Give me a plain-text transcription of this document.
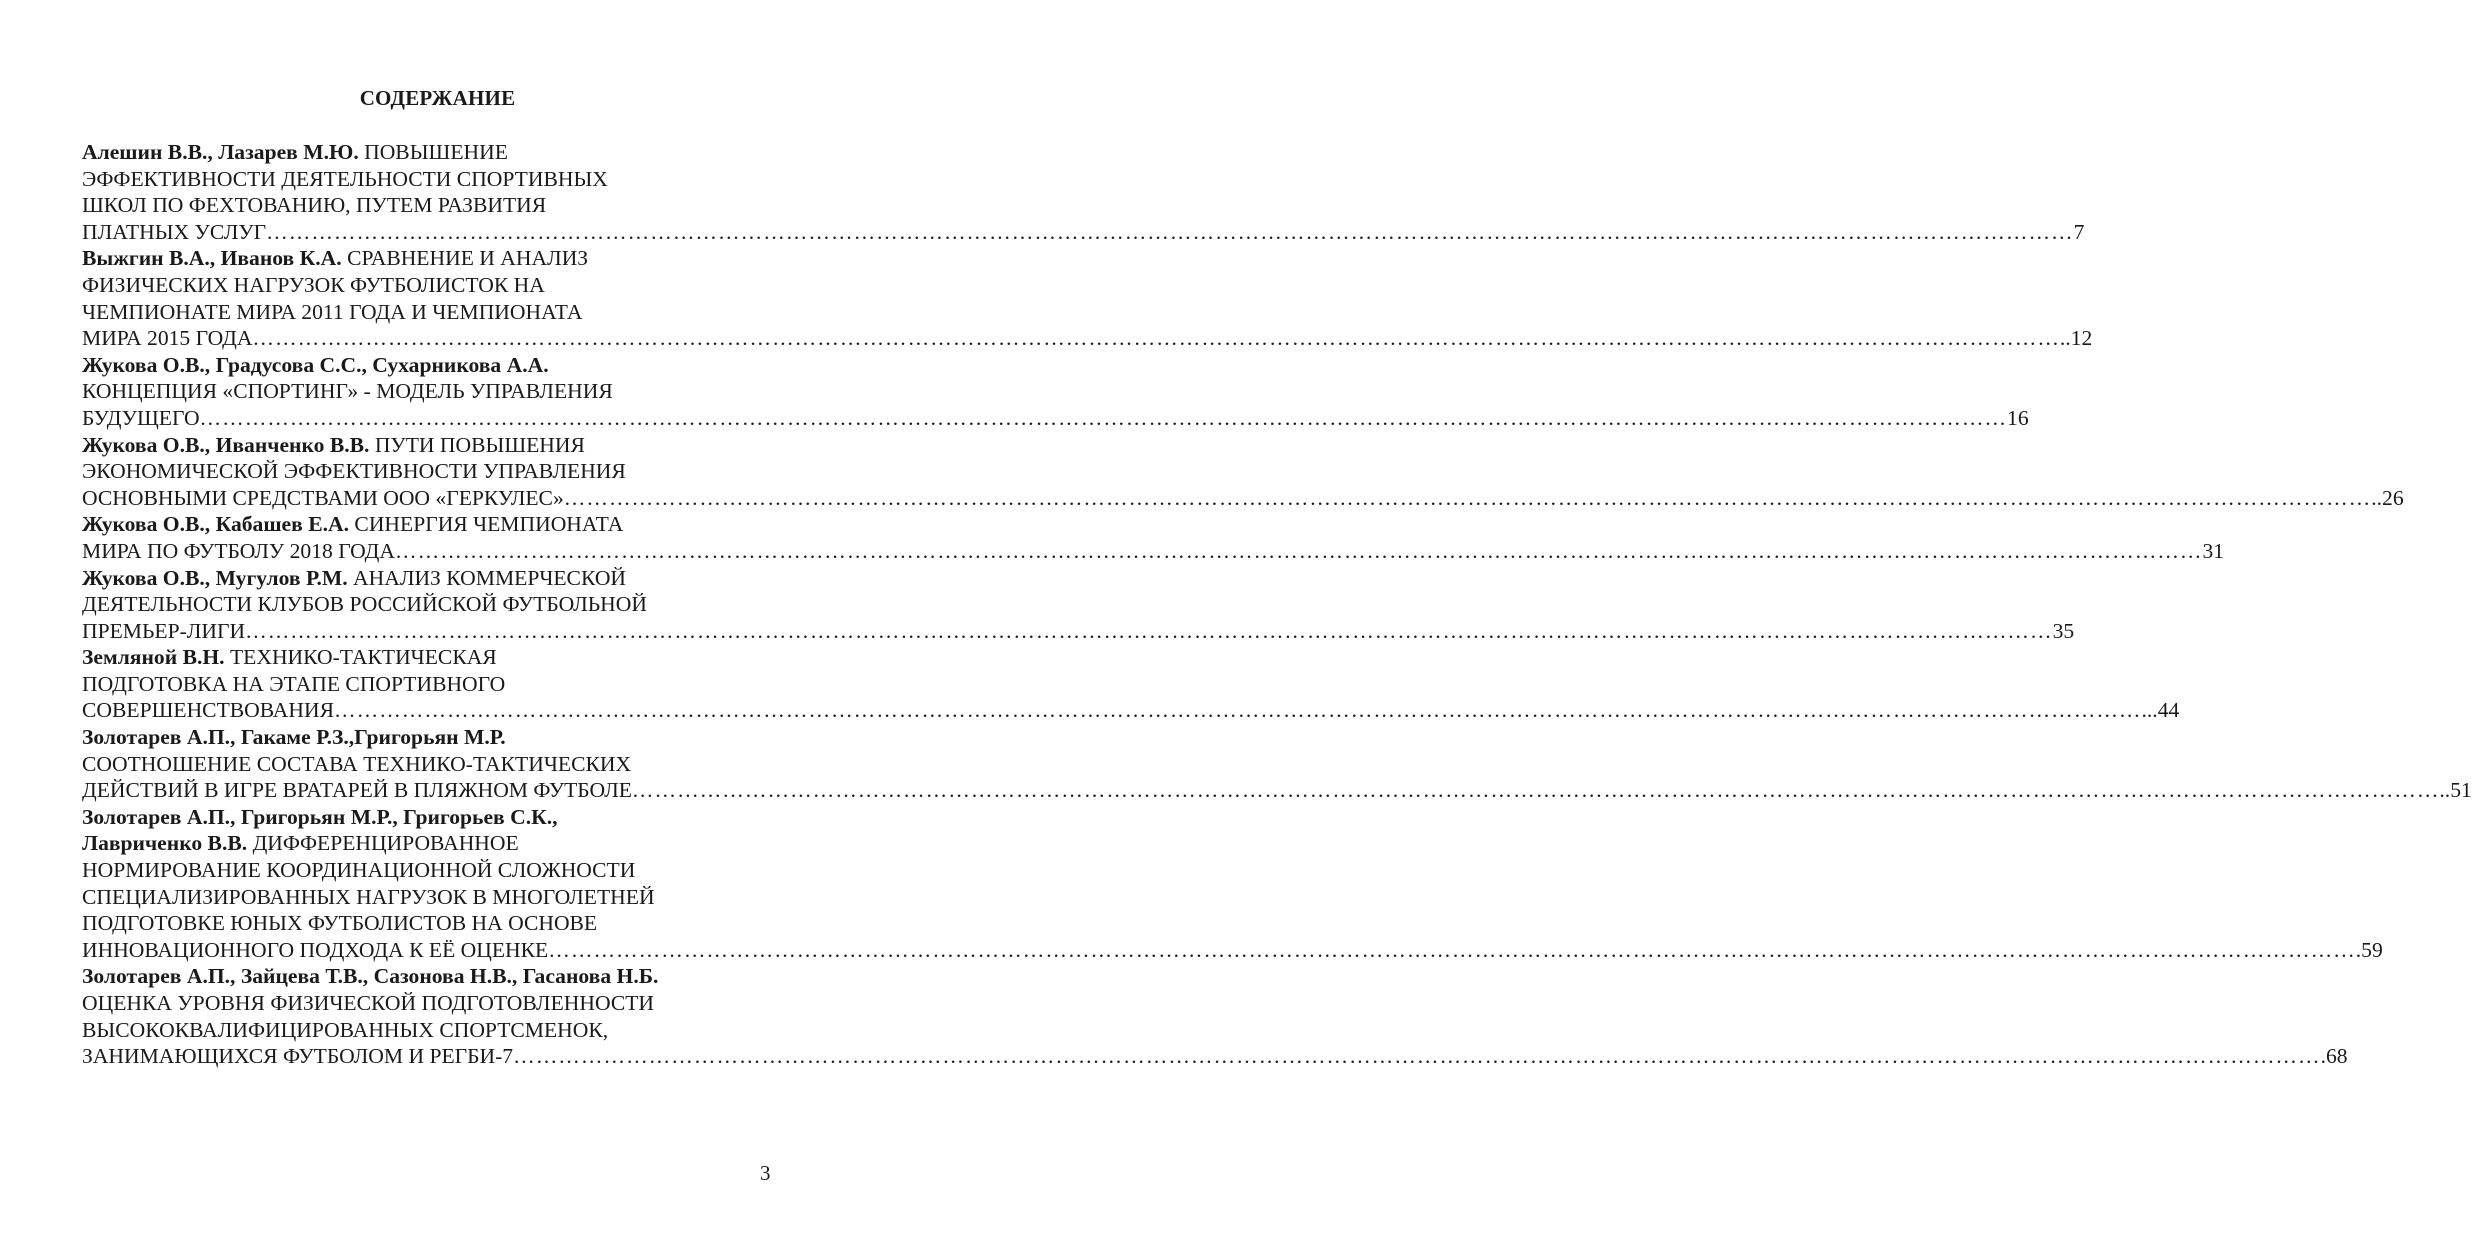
СОДЕРЖАНИЕ
Алешин В.В., Лазарев М.Ю. ПОВЫШЕНИЕ
ЭФФЕКТИВНОСТИ ДЕЯТЕЛЬНОСТИ СПОРТИВНЫХ
ШКОЛ ПО ФЕХТОВАНИЮ, ПУТЕМ РАЗВИТИЯ
ПЛАТНЫХ УСЛУГ …………………………………………………………………………………………………………………………………………………………………………………………………………………… 7
Выжгин В.А., Иванов К.А. СРАВНЕНИЕ И АНАЛИЗ
ФИЗИЧЕСКИХ НАГРУЗОК ФУТБОЛИСТОК НА
ЧЕМПИОНАТЕ МИРА 2011 ГОДА И ЧЕМПИОНАТА
МИРА 2015 ГОДА …………………………………………………………………………………………………………………………………………………………………………………………………………………… ..12
Жукова О.В., Градусова С.С., Сухарникова А.А.
КОНЦЕПЦИЯ «СПОРТИНГ» - МОДЕЛЬ УПРАВЛЕНИЯ
БУДУЩЕГО …………………………………………………………………………………………………………………………………………………………………………………………………………………… 16
Жукова О.В., Иванченко В.В. ПУТИ ПОВЫШЕНИЯ
ЭКОНОМИЧЕСКОЙ ЭФФЕКТИВНОСТИ УПРАВЛЕНИЯ
ОСНОВНЫМИ СРЕДСТВАМИ ООО «ГЕРКУЛЕС» …………………………………………………………………………………………………………………………………………………………………………………………………………………… ..26
Жукова О.В., Кабашев Е.А. СИНЕРГИЯ ЧЕМПИОНАТА
МИРА ПО ФУТБОЛУ 2018 ГОДА …………………………………………………………………………………………………………………………………………………………………………………………………………………… 31
Жукова О.В., Мугулов Р.М. АНАЛИЗ КОММЕРЧЕСКОЙ
ДЕЯТЕЛЬНОСТИ КЛУБОВ РОССИЙСКОЙ ФУТБОЛЬНОЙ
ПРЕМЬЕР-ЛИГИ …………………………………………………………………………………………………………………………………………………………………………………………………………………… 35
Земляной В.Н. ТЕХНИКО-ТАКТИЧЕСКАЯ
ПОДГОТОВКА НА ЭТАПЕ СПОРТИВНОГО
СОВЕРШЕНСТВОВАНИЯ …………………………………………………………………………………………………………………………………………………………………………………………………………………… ...44
Золотарев А.П., Гакаме Р.З.,Григорьян М.Р.
СООТНОШЕНИЕ СОСТАВА ТЕХНИКО-ТАКТИЧЕСКИХ
ДЕЙСТВИЙ В ИГРЕ ВРАТАРЕЙ В ПЛЯЖНОМ ФУТБОЛЕ …………………………………………………………………………………………………………………………………………………………………………………………………………………… ..51
Золотарев А.П., Григорьян М.Р., Григорьев С.К.,
Лавриченко В.В. ДИФФЕРЕНЦИРОВАННОЕ
НОРМИРОВАНИЕ КООРДИНАЦИОННОЙ СЛОЖНОСТИ
СПЕЦИАЛИЗИРОВАННЫХ НАГРУЗОК В МНОГОЛЕТНЕЙ
ПОДГОТОВКЕ ЮНЫХ ФУТБОЛИСТОВ НА ОСНОВЕ
ИННОВАЦИОННОГО ПОДХОДА К ЕЁ ОЦЕНКЕ …………………………………………………………………………………………………………………………………………………………………………………………………………………… .59
Золотарев А.П., Зайцева Т.В., Сазонова Н.В., Гасанова Н.Б.
ОЦЕНКА УРОВНЯ ФИЗИЧЕСКОЙ ПОДГОТОВЛЕННОСТИ
ВЫСОКОКВАЛИФИЦИРОВАННЫХ СПОРТСМЕНОК,
ЗАНИМАЮЩИХСЯ ФУТБОЛОМ И РЕГБИ-7 …………………………………………………………………………………………………………………………………………………………………………………………………………………… .68
3
